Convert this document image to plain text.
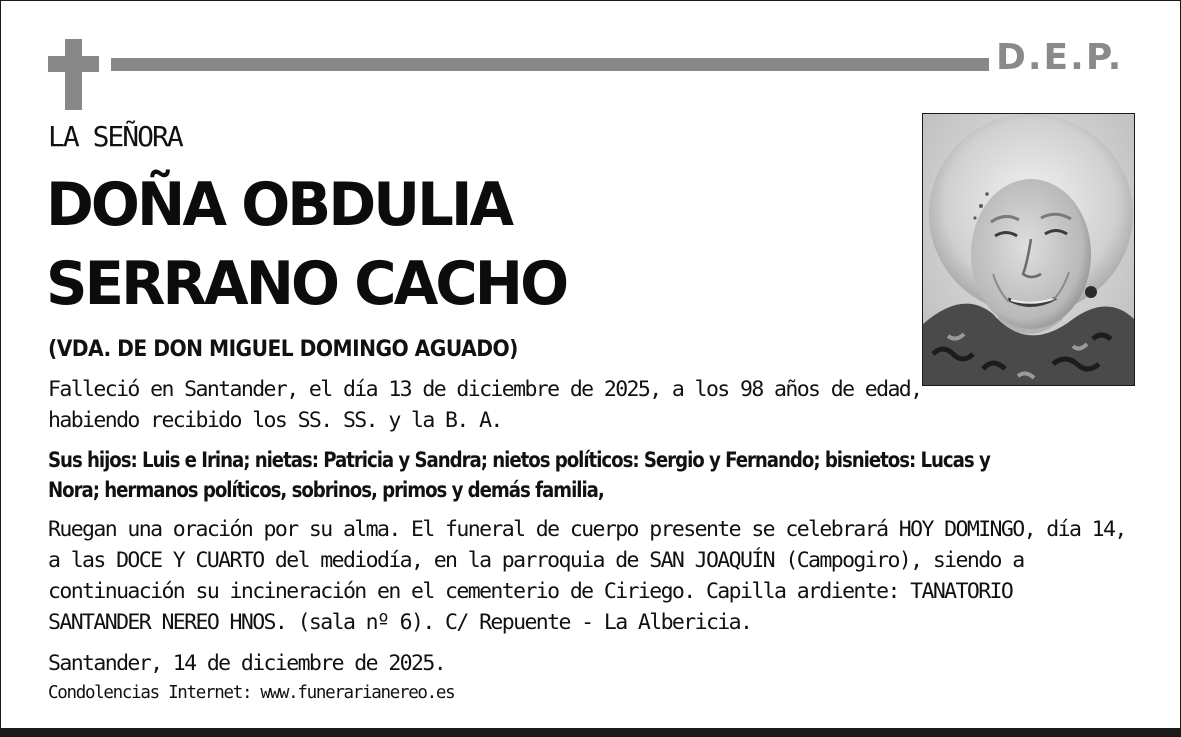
D.E.P.
LA SEÑORA
DOÑA OBDULIA
SERRANO CACHO
(VDA. DE DON MIGUEL DOMINGO AGUADO)
Falleció en Santander, el día 13 de diciembre de 2025, a los 98 años de edad,
habiendo recibido los SS. SS. y la B. A.
Sus hijos: Luis e Irina; nietas: Patricia y Sandra; nietos políticos: Sergio y Fernando; bisnietos: Lucas y
Nora; hermanos políticos, sobrinos, primos y demás familia,
Ruegan una oración por su alma. El funeral de cuerpo presente se celebrará HOY DOMINGO, día 14,
a las DOCE Y CUARTO del mediodía, en la parroquia de SAN JOAQUÍN (Campogiro), siendo a
continuación su incineración en el cementerio de Ciriego. Capilla ardiente: TANATORIO
SANTANDER NEREO HNOS. (sala nº 6). C/ Repuente - La Albericia.
Santander, 14 de diciembre de 2025.
Condolencias Internet: www.funerarianereo.es
